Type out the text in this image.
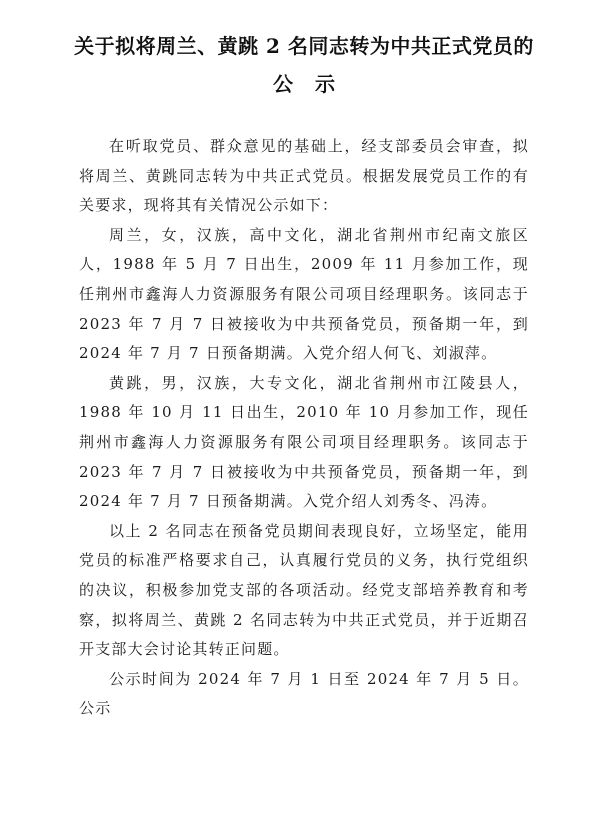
关于拟将周兰、黄跳 2 名同志转为中共正式党员的
公示

在听取党员、群众意见的基础上，经支部委员会审查，拟将周兰、黄跳同志转为中共正式党员。根据发展党员工作的有关要求，现将其有关情况公示如下：

周兰，女，汉族，高中文化，湖北省荆州市纪南文旅区人，1988 年 5 月 7 日出生，2009 年 11 月参加工作，现任荆州市鑫海人力资源服务有限公司项目经理职务。该同志于 2023 年 7 月 7 日被接收为中共预备党员，预备期一年，到 2024 年 7 月 7 日预备期满。入党介绍人何飞、刘淑萍。

黄跳，男，汉族，大专文化，湖北省荆州市江陵县人，1988 年 10 月 11 日出生，2010 年 10 月参加工作，现任荆州市鑫海人力资源服务有限公司项目经理职务。该同志于 2023 年 7 月 7 日被接收为中共预备党员，预备期一年，到 2024 年 7 月 7 日预备期满。入党介绍人刘秀冬、冯涛。

以上 2 名同志在预备党员期间表现良好，立场坚定，能用党员的标准严格要求自己，认真履行党员的义务，执行党组织的决议，积极参加党支部的各项活动。经党支部培养教育和考察，拟将周兰、黄跳 2 名同志转为中共正式党员，并于近期召开支部大会讨论其转正问题。

公示时间为 2024 年 7 月 1 日至 2024 年 7 月 5 日。公示
